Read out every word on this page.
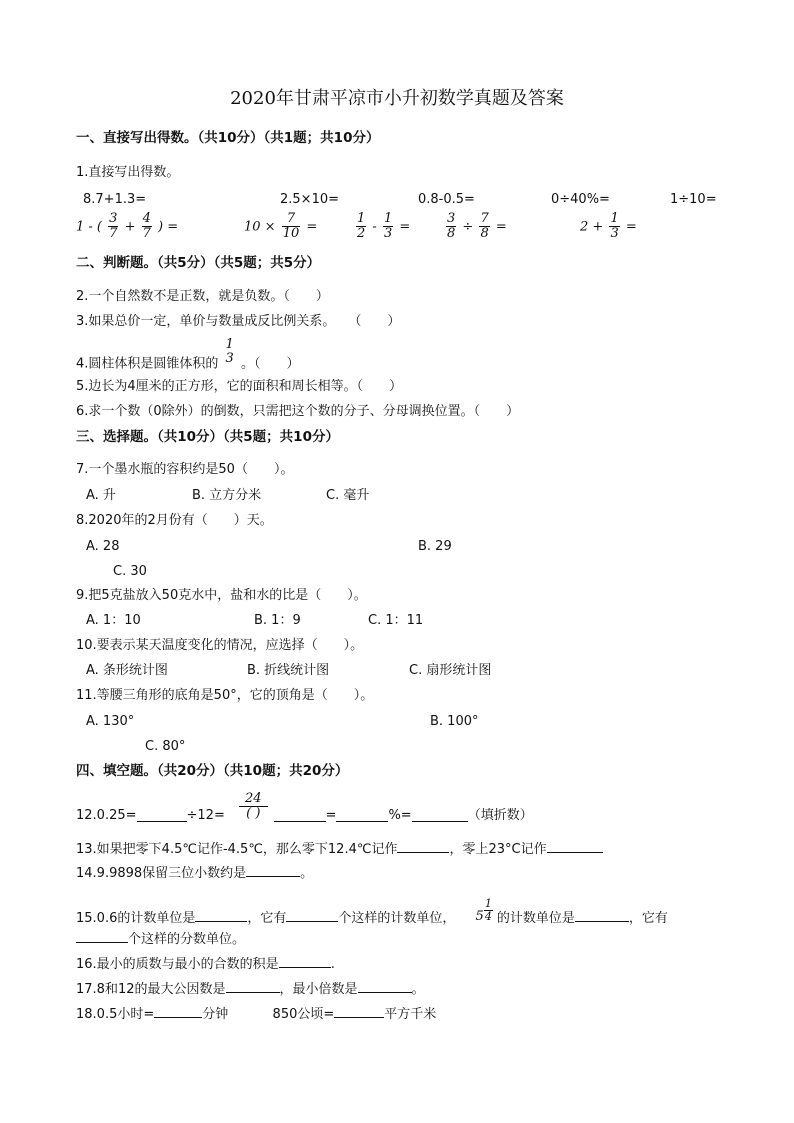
2020年甘肃平凉市小升初数学真题及答案
一、直接写出得数。（共10分）（共1题；共10分）
1.直接写出得数。
8.7+1.3=	2.5×10=	0.8-0.5=	0÷40%=	1÷10=
1 - ( $\frac{3}{7} + \frac{4}{7}$ ) =	$10 \times \frac{7}{10}$ =	$\frac{1}{2} - \frac{1}{3}$ =	$\frac{3}{8} \div \frac{7}{8}$ =	$2 + \frac{1}{3}$ =
二、判断题。（共5分）（共5题；共5分）
2.一个自然数不是正数，就是负数。（　　）
3.如果总价一定，单价与数量成反比例关系。　　（　　）
4.圆柱体积是圆锥体积的
1
3 。（　　）
5.边长为4厘米的正方形，它的面积和周长相等。（　　）
6.求一个数（0除外）的倒数，只需把这个数的分子、分母调换位置。（　　）
三、选择题。（共10分）（共5题；共10分）
7.一个墨水瓶的容积约是50（　　）。
A. 升	B. 立方分米	C. 毫升
8.2020年的2月份有（　　）天。
A. 28	B. 29
C. 30
9.把5克盐放入50克水中，盐和水的比是（　　）。
A. 1：10	B. 1：9	C. 1：11
10.要表示某天温度变化的情况，应选择（　　）。
A. 条形统计图	B. 折线统计图	C. 扇形统计图
11.等腰三角形的底角是50°，它的顶角是（　　）。
A. 130°	B. 100°
C. 80°
四、填空题。（共20分）（共10题；共20分）
12.0.25=	$\div 12= \frac{24}{( )}$	=	%=	（填折数）
13.如果把零下4.5℃记作-4.5℃，那么零下12.4℃记作	，零上23°C记作
14.9.9898保留三位小数约是	。
15.0.6的计数单位是	，它有	个这样的计数单位， $5 \frac{1}{4}$ 的计数单位是	，它有
个这样的分数单位。
16.最小的质数与最小的合数的积是	.
17.8和12的最大公因数是	，最小倍数是	。
18.0.5小时=	分钟	850公顷=	平方千米
